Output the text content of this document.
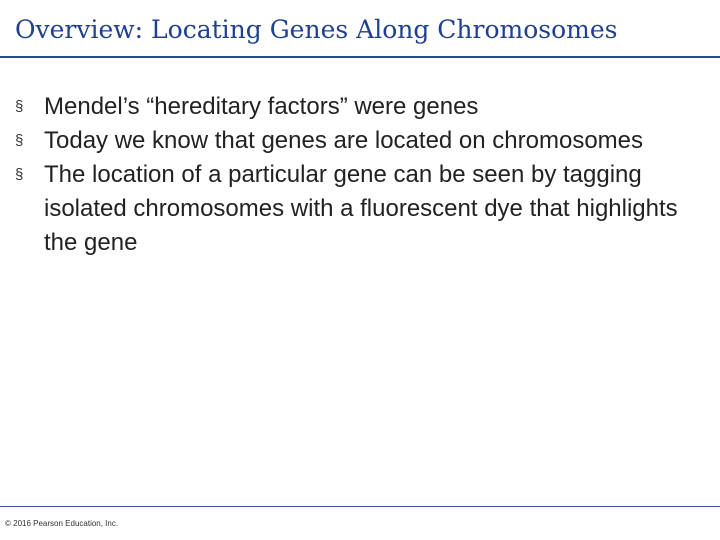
Overview: Locating Genes Along Chromosomes
§ Mendel’s “hereditary factors” were genes
§ Today we know that genes are located on chromosomes
§ The location of a particular gene can be seen by tagging isolated chromosomes with a fluorescent dye that highlights the gene
© 2016 Pearson Education, Inc.
